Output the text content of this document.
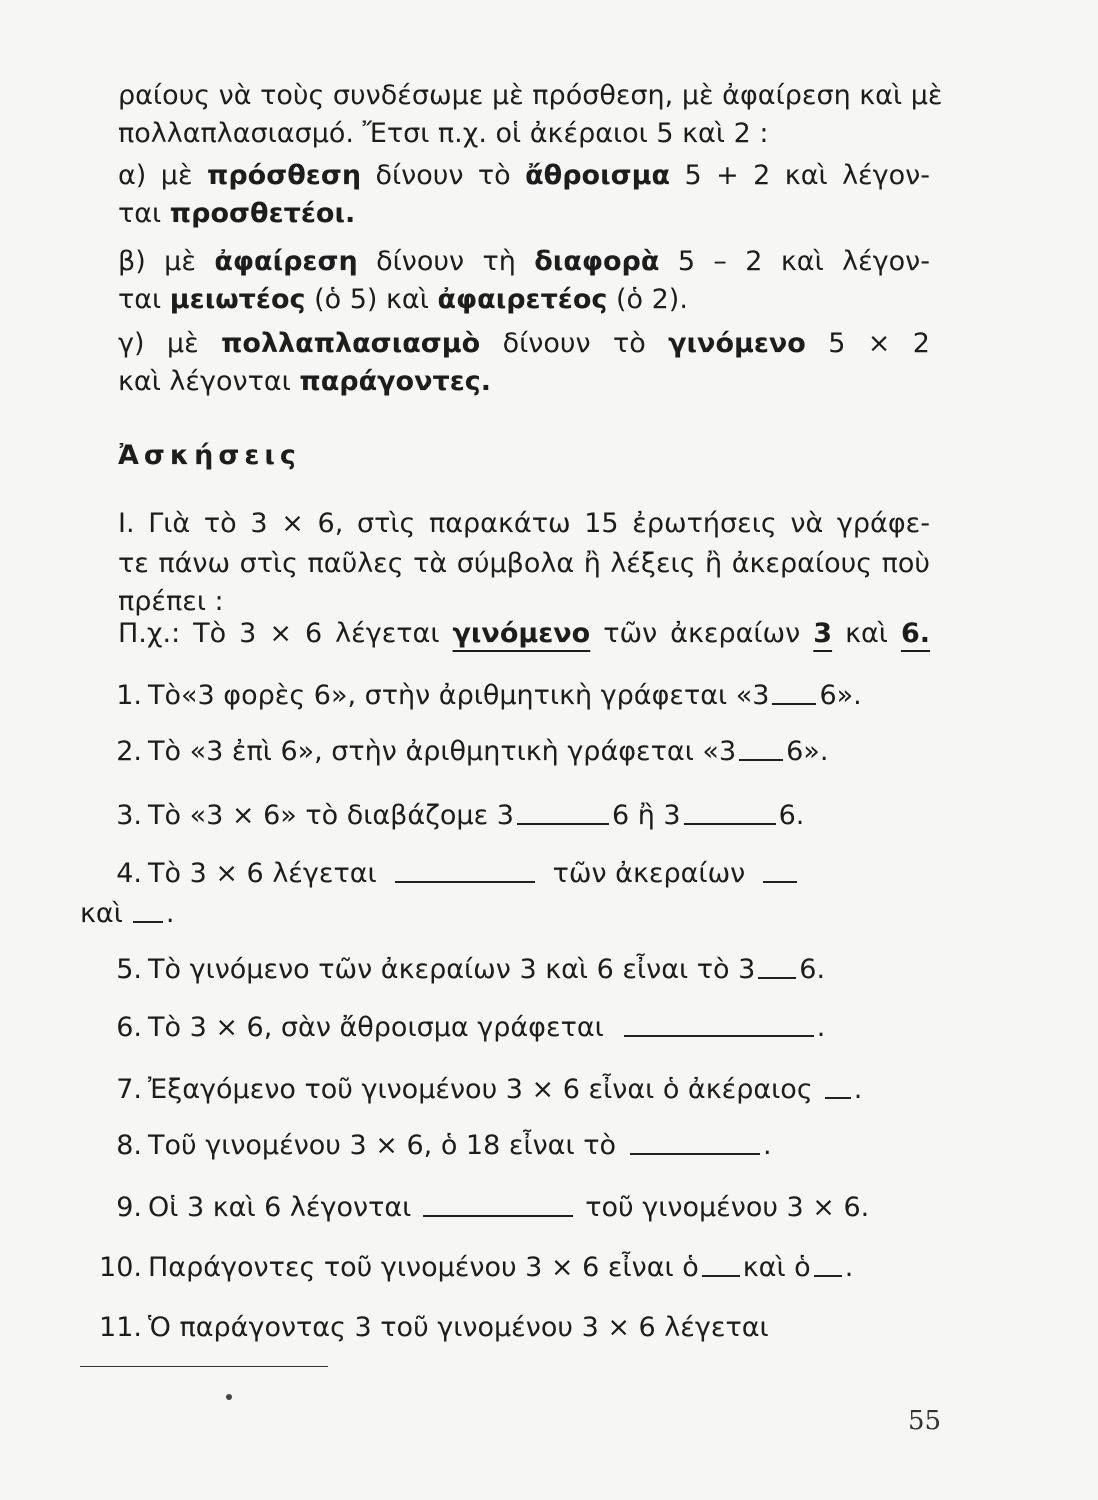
ραίους νὰ τοὺς συνδέσωμε μὲ πρόσθεση, μὲ ἀφαίρεση καὶ μὲ
πολλαπλασιασμό. Ἔτσι π.χ. οἱ ἀκέραιοι 5 καὶ 2 :
α) μὲ πρόσθεση δίνουν τὸ ἄθροισμα 5 + 2 καὶ λέγον-
ται προσθετέοι.
β) μὲ ἀφαίρεση δίνουν τὴ διαφορὰ 5 – 2 καὶ λέγον-
ται μειωτέος (ὁ 5) καὶ ἀφαιρετέος (ὁ 2).
γ) μὲ πολλαπλασιασμὸ δίνουν τὸ γινόμενο 5 × 2
καὶ λέγονται παράγοντες.
Ἀσκήσεις
I. Γιὰ τὸ 3 × 6, στὶς παρακάτω 15 ἐρωτήσεις νὰ γράφε-
τε πάνω στὶς παῦλες τὰ σύμβολα ἢ λέξεις ἢ ἀκεραίους ποὺ
πρέπει :
Π.χ.: Τὸ 3 × 6 λέγεται γινόμενο τῶν ἀκεραίων 3 καὶ 6.
1. Τὸ«3 φορὲς 6», στὴν ἀριθμητικὴ γράφεται «3 6».
2. Τὸ «3 ἐπὶ 6», στὴν ἀριθμητικὴ γράφεται «3 6».
3. Τὸ «3 × 6» τὸ διαβάζομε 3	6 ἢ 3	6.
4. Τὸ 3 × 6 λέγεται	τῶν ἀκεραίων
καὶ .
5. Τὸ γινόμενο τῶν ἀκεραίων 3 καὶ 6 εἶναι τὸ 3 6.
6. Τὸ 3 × 6, σὰν ἄθροισμα γράφεται	.
7. Ἐξαγόμενο τοῦ γινομένου 3 × 6 εἶναι ὁ ἀκέραιος .
8. Τοῦ γινομένου 3 × 6, ὁ 18 εἶναι τὸ	.
9. Οἱ 3 καὶ 6 λέγονται	τοῦ γινομένου 3 × 6.
10. Παράγοντες τοῦ γινομένου 3 × 6 εἶναι ὁ καὶ ὁ .
11. Ὁ παράγοντας 3 τοῦ γινομένου 3 × 6 λέγεται
55
